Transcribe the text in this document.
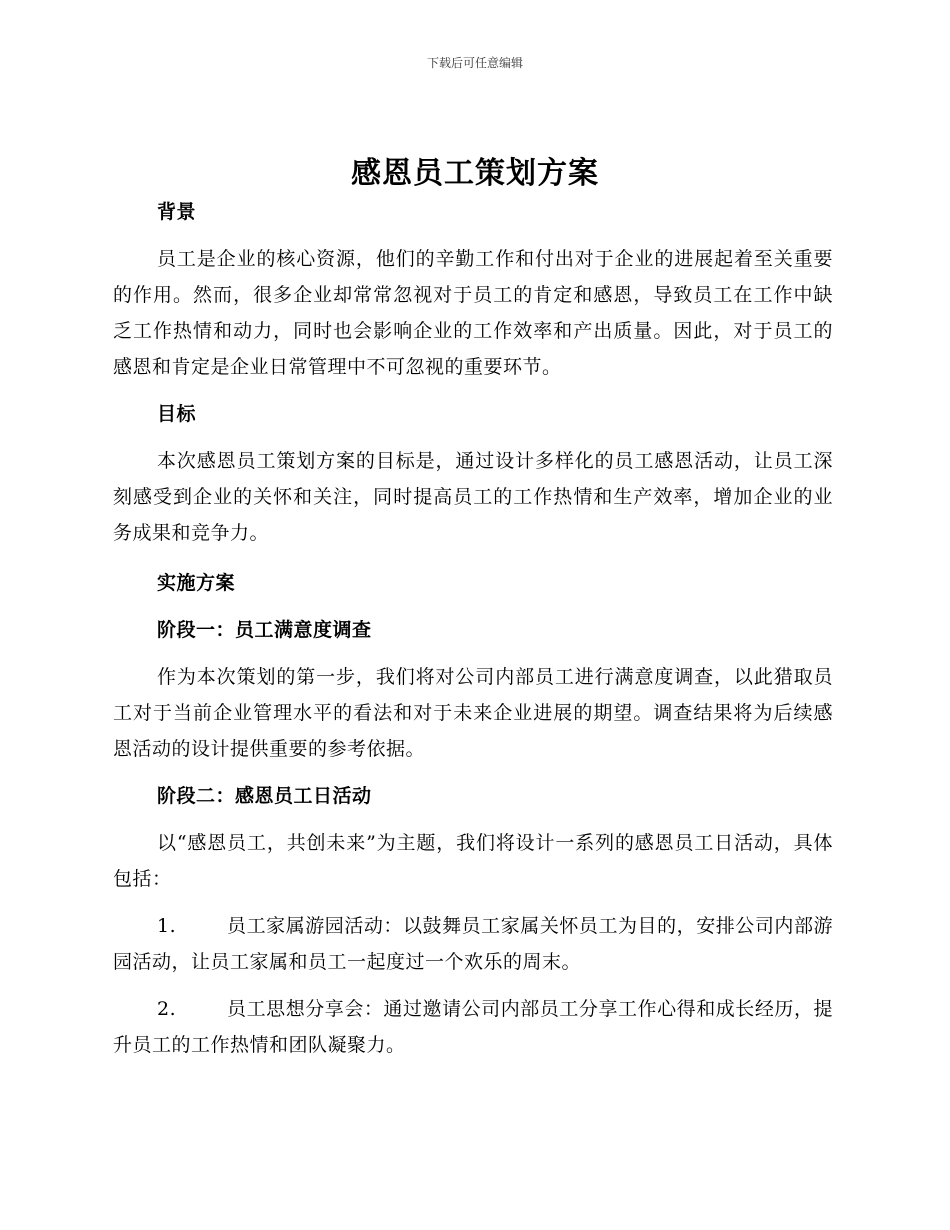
下载后可任意编辑
感恩员工策划方案

背景

员工是企业的核心资源，他们的辛勤工作和付出对于企业的进展起着至关重要的作用。然而，很多企业却常常忽视对于员工的肯定和感恩，导致员工在工作中缺乏工作热情和动力，同时也会影响企业的工作效率和产出质量。因此，对于员工的感恩和肯定是企业日常管理中不可忽视的重要环节。

目标

本次感恩员工策划方案的目标是，通过设计多样化的员工感恩活动，让员工深刻感受到企业的关怀和关注，同时提高员工的工作热情和生产效率，增加企业的业务成果和竞争力。

实施方案

阶段一：员工满意度调查

作为本次策划的第一步，我们将对公司内部员工进行满意度调查，以此猎取员工对于当前企业管理水平的看法和对于未来企业进展的期望。调查结果将为后续感恩活动的设计提供重要的参考依据。

阶段二：感恩员工日活动

以“感恩员工，共创未来”为主题，我们将设计一系列的感恩员工日活动，具体包括：

1.	员工家属游园活动：以鼓舞员工家属关怀员工为目的，安排公司内部游园活动，让员工家属和员工一起度过一个欢乐的周末。

2.	员工思想分享会：通过邀请公司内部员工分享工作心得和成长经历，提升员工的工作热情和团队凝聚力。
